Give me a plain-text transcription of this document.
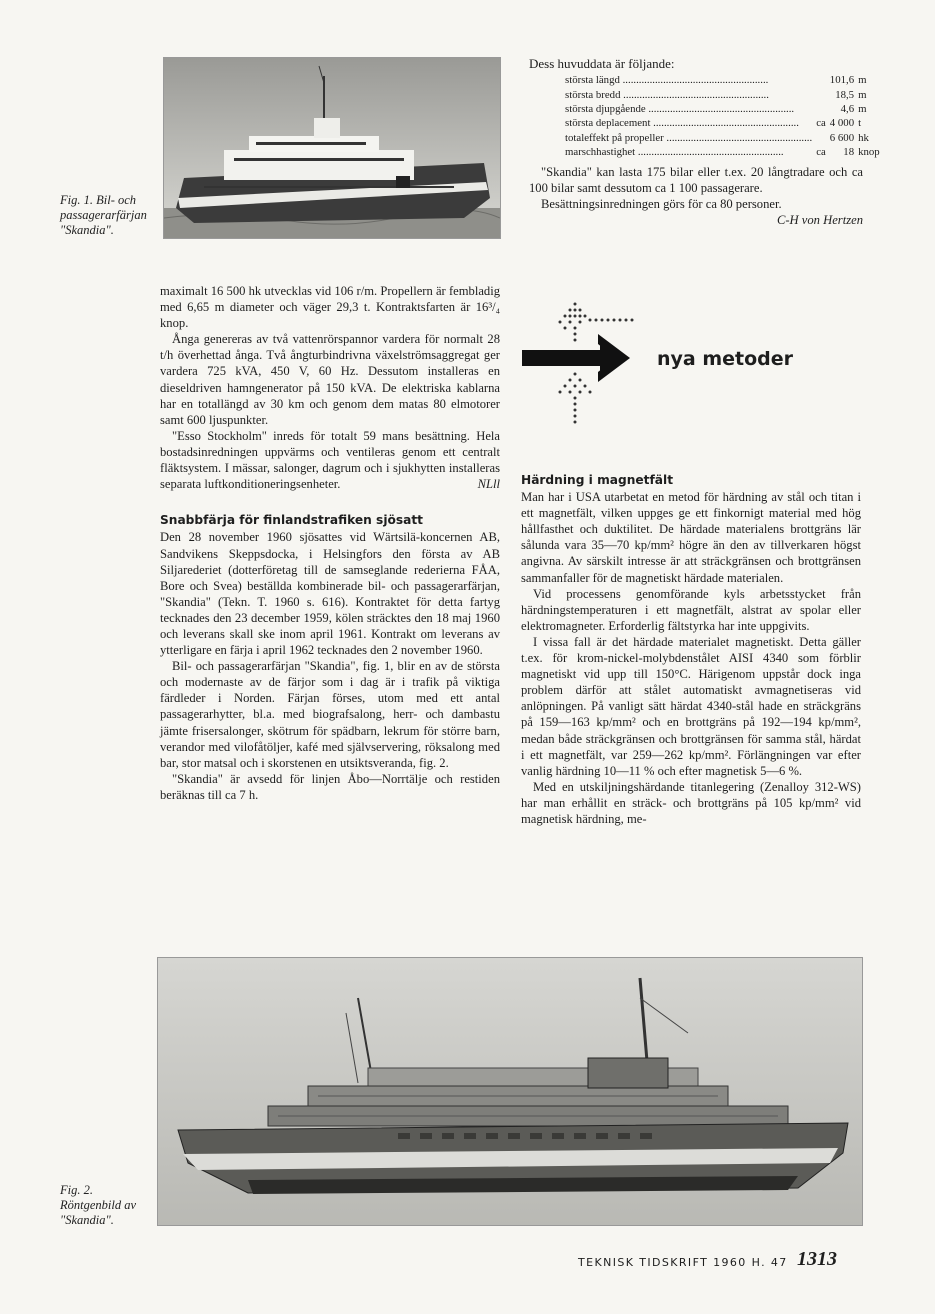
Fig. 1. Bil- och passagerarfärjan "Skandia".
Dess huvuddata är följande:
största längd .....		101,6	m
största bredd .....		18,5	m
största djupgående .....		4,6	m
största deplacement .....	ca	4 000	t
totaleffekt på propeller .....		6 600	hk
marschhastighet .....	ca	18	knop

"Skandia" kan lasta 175 bilar eller t.ex. 20 långtradare och ca 100 bilar samt dessutom ca 1 100 passagerare.

Besättningsinredningen görs för ca 80 personer.

C-H von Hertzen

maximalt 16 500 hk utvecklas vid 106 r/m. Propellern är fembladig med 6,65 m diameter och väger 29,3 t. Kontraktsfarten är 16³/₄ knop.

Ånga genereras av två vattenrörspannor vardera för normalt 28 t/h överhettad ånga. Två ångturbindrivna växelströmsaggregat ger vardera 725 kVA, 450 V, 60 Hz. Dessutom installeras en dieseldriven hamngenerator på 150 kVA. De elektriska kablarna har en totallängd av 30 km och genom dem matas 80 elmotorer samt 600 ljuspunkter.

"Esso Stockholm" inreds för totalt 59 mans besättning. Hela bostadsinredningen uppvärms och ventileras genom ett centralt fläktsystem. I mässar, salonger, dagrum och i sjukhytten installeras separata luftkonditioneringsenheter.	NLll
Snabbfärja för finlandstrafiken sjösatt

Den 28 november 1960 sjösattes vid Wärtsilä-koncernen AB, Sandvikens Skeppsdocka, i Helsingfors den första av AB Siljarederiet (dotterföretag till de samseglande rederierna FÅA, Bore och Svea) beställda kombinerade bil- och passagerarfärjan, "Skandia" (Tekn. T. 1960 s. 616). Kontraktet för detta fartyg tecknades den 23 december 1959, kölen sträcktes den 18 maj 1960 och leverans skall ske inom april 1961. Kontrakt om leverans av ytterligare en färja i april 1962 tecknades den 2 november 1960.

Bil- och passagerarfärjan "Skandia", fig. 1, blir en av de största och modernaste av de färjor som i dag är i trafik på viktiga färdleder i Norden. Färjan förses, utom med ett antal passagerarhytter, bl.a. med biografsalong, herr- och dambastu jämte frisersalonger, skötrum för spädbarn, lekrum för större barn, verandor med vilofåtöljer, kafé med självservering, röksalong med bar, stor matsal och i skorstenen en utsiktsveranda, fig. 2.

"Skandia" är avsedd för linjen Åbo—Norrtälje och restiden beräknas till ca 7 h.

nya metoder
Härdning i magnetfält

Man har i USA utarbetat en metod för härdning av stål och titan i ett magnetfält, vilken uppges ge ett finkornigt material med hög hållfasthet och duktilitet. De härdade materialens brottgräns lär sålunda vara 35—70 kp/mm² högre än den av tillverkaren högst angivna. Av särskilt intresse är att sträckgränsen och brottgränsen sammanfaller för de magnetiskt härdade materialen.

Vid processens genomförande kyls arbetsstycket från härdningstemperaturen i ett magnetfält, alstrat av spolar eller elektromagneter. Erforderlig fältstyrka har inte uppgivits.

I vissa fall är det härdade materialet magnetiskt. Detta gäller t.ex. för krom-nickel-molybdenstålet AISI 4340 som förblir magnetiskt vid upp till 150°C. Härigenom uppstår dock inga problem därför att stålet automatiskt avmagnetiseras vid anlöpningen. På vanligt sätt härdat 4340-stål hade en sträckgräns på 159—163 kp/mm² och en brottgräns på 192—194 kp/mm², medan både sträckgränsen och brottgränsen för samma stål, härdat i ett magnetfält, var 259—262 kp/mm². Förlängningen var efter vanlig härdning 10—11 % och efter magnetisk 5—6 %.

Med en utskiljningshärdande titanlegering (Zenalloy 312-WS) har man erhållit en sträck- och brottgräns på 105 kp/mm² vid magnetisk härdning, me-

Fig. 2. Röntgenbild av "Skandia".
TEKNISK TIDSKRIFT 1960 H. 47 1313
